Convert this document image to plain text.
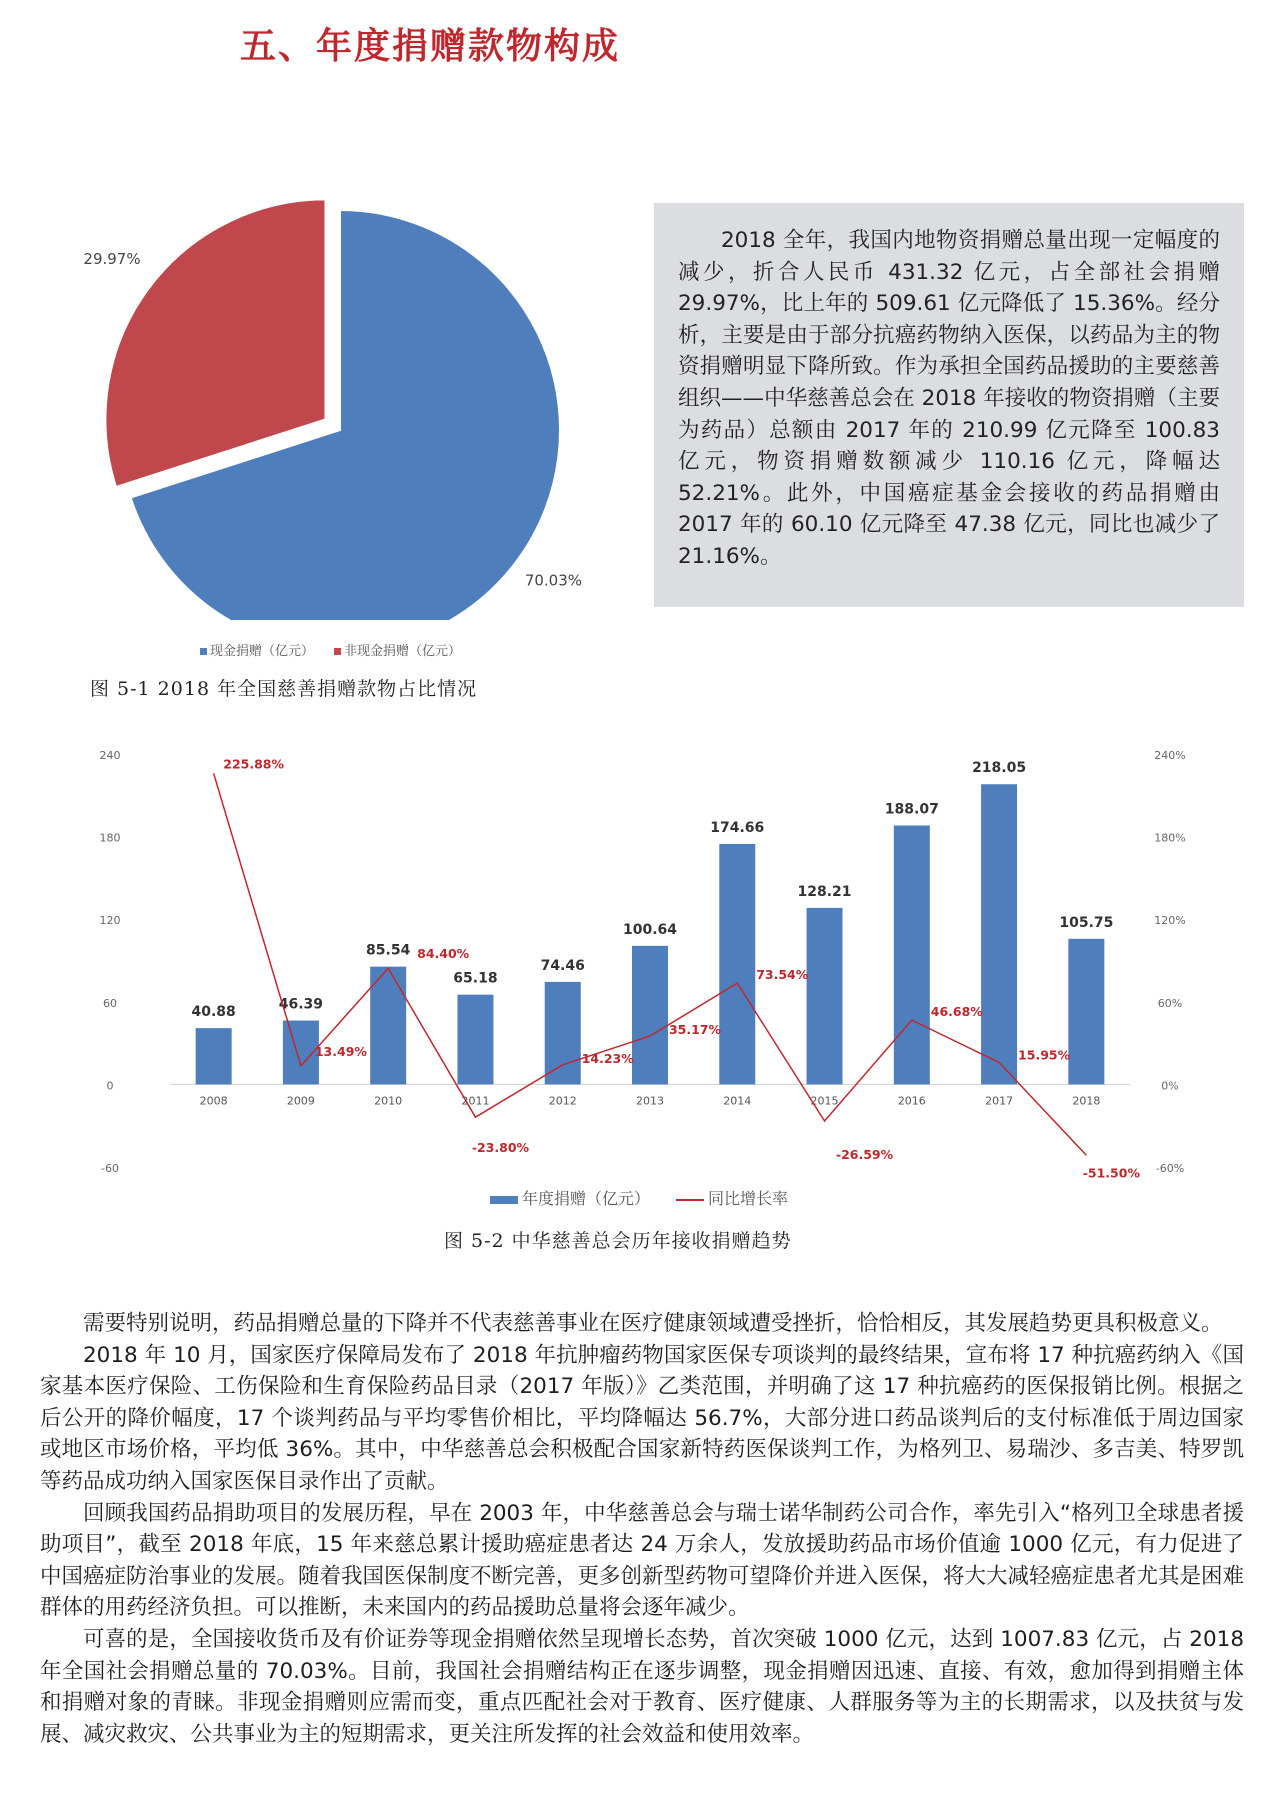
五、年度捐赠款物构成
70.03%
29.97%
现金捐赠（亿元）	非现金捐赠（亿元）
图 5-1 2018 年全国慈善捐赠款物占比情况

2018 全年，我国内地物资捐赠总量出现一定幅度的减少，折合人民币 431.32 亿元，占全部社会捐赠 29.97%，比上年的 509.61 亿元降低了 15.36%。经分析，主要是由于部分抗癌药物纳入医保，以药品为主的物资捐赠明显下降所致。作为承担全国药品援助的主要慈善组织——中华慈善总会在 2018 年接收的物资捐赠（主要为药品）总额由 2017 年的 210.99 亿元降至 100.83 亿元，物资捐赠数额减少 110.16 亿元，降幅达 52.21%。此外，中国癌症基金会接收的药品捐赠由 2017 年的 60.10 亿元降至 47.38 亿元，同比也减少了 21.16%。

240	240%
180	180%
120	120%
60	60%
0	0%
-60	-60%
40.88	46.39
85.54
65.18
74.46
100.64
174.66
128.21
188.07
218.05
105.75
2008	2009	2010	2011	2012	2013	2014	2015	2016	2017	2018
225.88%
13.49%
84.40%
-23.80%
14.23%
35.17%
73.54%
-26.59%
46.68%
15.95%
-51.50%
年度捐赠（亿元）	同比增长率
图 5-2 中华慈善总会历年接收捐赠趋势

需要特别说明，药品捐赠总量的下降并不代表慈善事业在医疗健康领域遭受挫折，恰恰相反，其发展趋势更具积极意义。

2018 年 10 月，国家医疗保障局发布了 2018 年抗肿瘤药物国家医保专项谈判的最终结果，宣布将 17 种抗癌药纳入《国家基本医疗保险、工伤保险和生育保险药品目录（2017 年版）》乙类范围，并明确了这 17 种抗癌药的医保报销比例。根据之后公开的降价幅度，17 个谈判药品与平均零售价相比，平均降幅达 56.7%，大部分进口药品谈判后的支付标准低于周边国家或地区市场价格，平均低 36%。其中，中华慈善总会积极配合国家新特药医保谈判工作，为格列卫、易瑞沙、多吉美、特罗凯等药品成功纳入国家医保目录作出了贡献。

回顾我国药品捐助项目的发展历程，早在 2003 年，中华慈善总会与瑞士诺华制药公司合作，率先引入“格列卫全球患者援助项目”，截至 2018 年底，15 年来慈总累计援助癌症患者达 24 万余人，发放援助药品市场价值逾 1000 亿元，有力促进了中国癌症防治事业的发展。随着我国医保制度不断完善，更多创新型药物可望降价并进入医保，将大大减轻癌症患者尤其是困难群体的用药经济负担。可以推断，未来国内的药品援助总量将会逐年减少。

可喜的是，全国接收货币及有价证券等现金捐赠依然呈现增长态势，首次突破 1000 亿元，达到 1007.83 亿元，占 2018 年全国社会捐赠总量的 70.03%。目前，我国社会捐赠结构正在逐步调整，现金捐赠因迅速、直接、有效，愈加得到捐赠主体和捐赠对象的青睐。非现金捐赠则应需而变，重点匹配社会对于教育、医疗健康、人群服务等为主的长期需求，以及扶贫与发展、减灾救灾、公共事业为主的短期需求，更关注所发挥的社会效益和使用效率。
